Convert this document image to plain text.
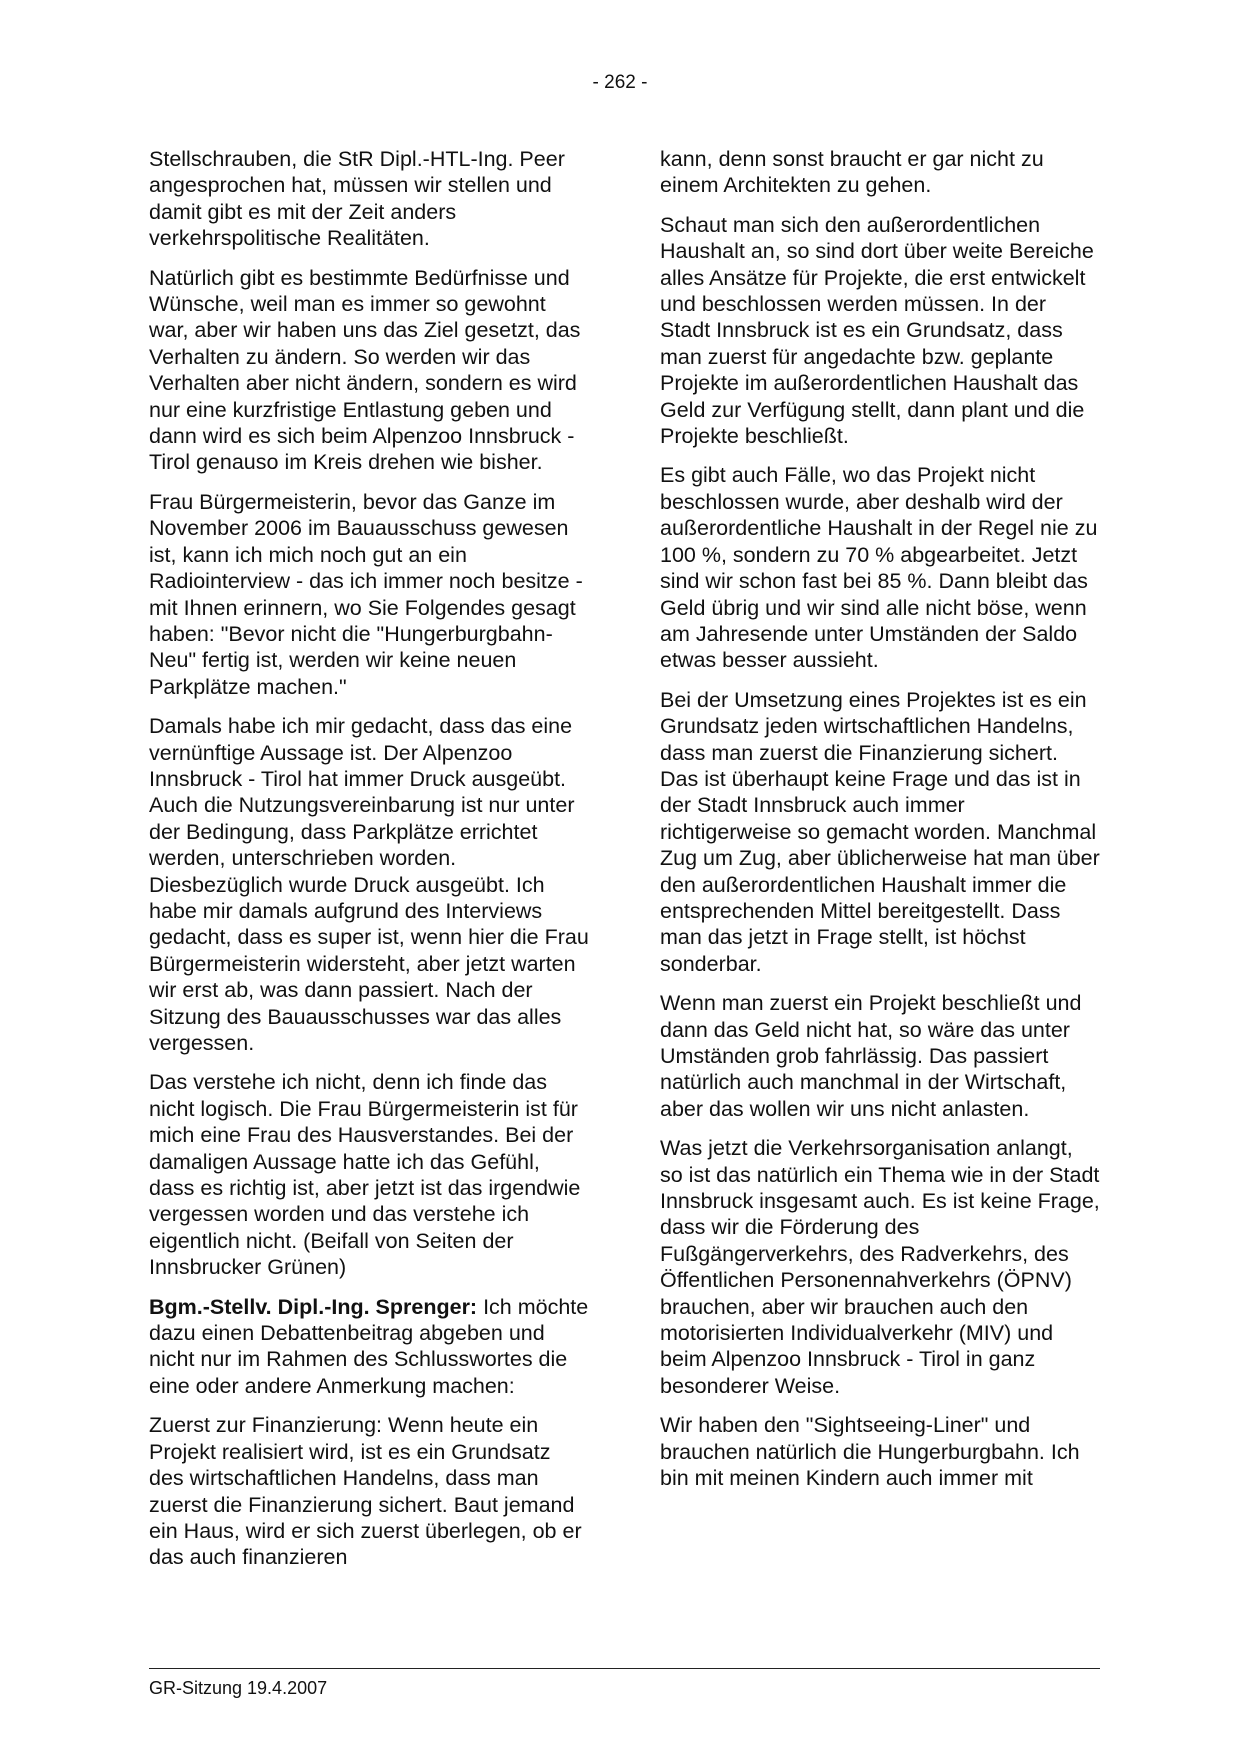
- 262 -

Stellschrauben, die StR Dipl.-HTL-Ing. Peer angesprochen hat, müssen wir stellen und damit gibt es mit der Zeit anders verkehrspolitische Realitäten.

Natürlich gibt es bestimmte Bedürfnisse und Wünsche, weil man es immer so gewohnt war, aber wir haben uns das Ziel gesetzt, das Verhalten zu ändern. So werden wir das Verhalten aber nicht ändern, sondern es wird nur eine kurzfristige Entlastung geben und dann wird es sich beim Alpenzoo Innsbruck - Tirol genauso im Kreis drehen wie bisher.

Frau Bürgermeisterin, bevor das Ganze im November 2006 im Bauausschuss gewesen ist, kann ich mich noch gut an ein Radiointerview - das ich immer noch besitze - mit Ihnen erinnern, wo Sie Folgendes gesagt haben: "Bevor nicht die "Hungerburgbahn-Neu" fertig ist, werden wir keine neuen Parkplätze machen."

Damals habe ich mir gedacht, dass das eine vernünftige Aussage ist. Der Alpenzoo Innsbruck - Tirol hat immer Druck ausgeübt. Auch die Nutzungsvereinbarung ist nur unter der Bedingung, dass Parkplätze errichtet werden, unterschrieben worden. Diesbezüglich wurde Druck ausgeübt. Ich habe mir damals aufgrund des Interviews gedacht, dass es super ist, wenn hier die Frau Bürgermeisterin widersteht, aber jetzt warten wir erst ab, was dann passiert. Nach der Sitzung des Bauausschusses war das alles vergessen.

Das verstehe ich nicht, denn ich finde das nicht logisch. Die Frau Bürgermeisterin ist für mich eine Frau des Hausverstandes. Bei der damaligen Aussage hatte ich das Gefühl, dass es richtig ist, aber jetzt ist das irgendwie vergessen worden und das verstehe ich eigentlich nicht. (Beifall von Seiten der Innsbrucker Grünen)

Bgm.-Stellv. Dipl.-Ing. Sprenger: Ich möchte dazu einen Debattenbeitrag abgeben und nicht nur im Rahmen des Schlusswortes die eine oder andere Anmerkung machen:

Zuerst zur Finanzierung: Wenn heute ein Projekt realisiert wird, ist es ein Grundsatz des wirtschaftlichen Handelns, dass man zuerst die Finanzierung sichert. Baut jemand ein Haus, wird er sich zuerst überlegen, ob er das auch finanzieren

kann, denn sonst braucht er gar nicht zu einem Architekten zu gehen.

Schaut man sich den außerordentlichen Haushalt an, so sind dort über weite Bereiche alles Ansätze für Projekte, die erst entwickelt und beschlossen werden müssen. In der Stadt Innsbruck ist es ein Grundsatz, dass man zuerst für angedachte bzw. geplante Projekte im außerordentlichen Haushalt das Geld zur Verfügung stellt, dann plant und die Projekte beschließt.

Es gibt auch Fälle, wo das Projekt nicht beschlossen wurde, aber deshalb wird der außerordentliche Haushalt in der Regel nie zu 100 %, sondern zu 70 % abgearbeitet. Jetzt sind wir schon fast bei 85 %. Dann bleibt das Geld übrig und wir sind alle nicht böse, wenn am Jahresende unter Umständen der Saldo etwas besser aussieht.

Bei der Umsetzung eines Projektes ist es ein Grundsatz jeden wirtschaftlichen Handelns, dass man zuerst die Finanzierung sichert. Das ist überhaupt keine Frage und das ist in der Stadt Innsbruck auch immer richtigerweise so gemacht worden. Manchmal Zug um Zug, aber üblicherweise hat man über den außerordentlichen Haushalt immer die entsprechenden Mittel bereitgestellt. Dass man das jetzt in Frage stellt, ist höchst sonderbar.

Wenn man zuerst ein Projekt beschließt und dann das Geld nicht hat, so wäre das unter Umständen grob fahrlässig. Das passiert natürlich auch manchmal in der Wirtschaft, aber das wollen wir uns nicht anlasten.

Was jetzt die Verkehrsorganisation anlangt, so ist das natürlich ein Thema wie in der Stadt Innsbruck insgesamt auch. Es ist keine Frage, dass wir die Förderung des Fußgängerverkehrs, des Radverkehrs, des Öffentlichen Personennahverkehrs (ÖPNV) brauchen, aber wir brauchen auch den motorisierten Individualverkehr (MIV) und beim Alpenzoo Innsbruck - Tirol in ganz besonderer Weise.

Wir haben den "Sightseeing-Liner" und brauchen natürlich die Hungerburgbahn. Ich bin mit meinen Kindern auch immer mit

GR-Sitzung 19.4.2007
